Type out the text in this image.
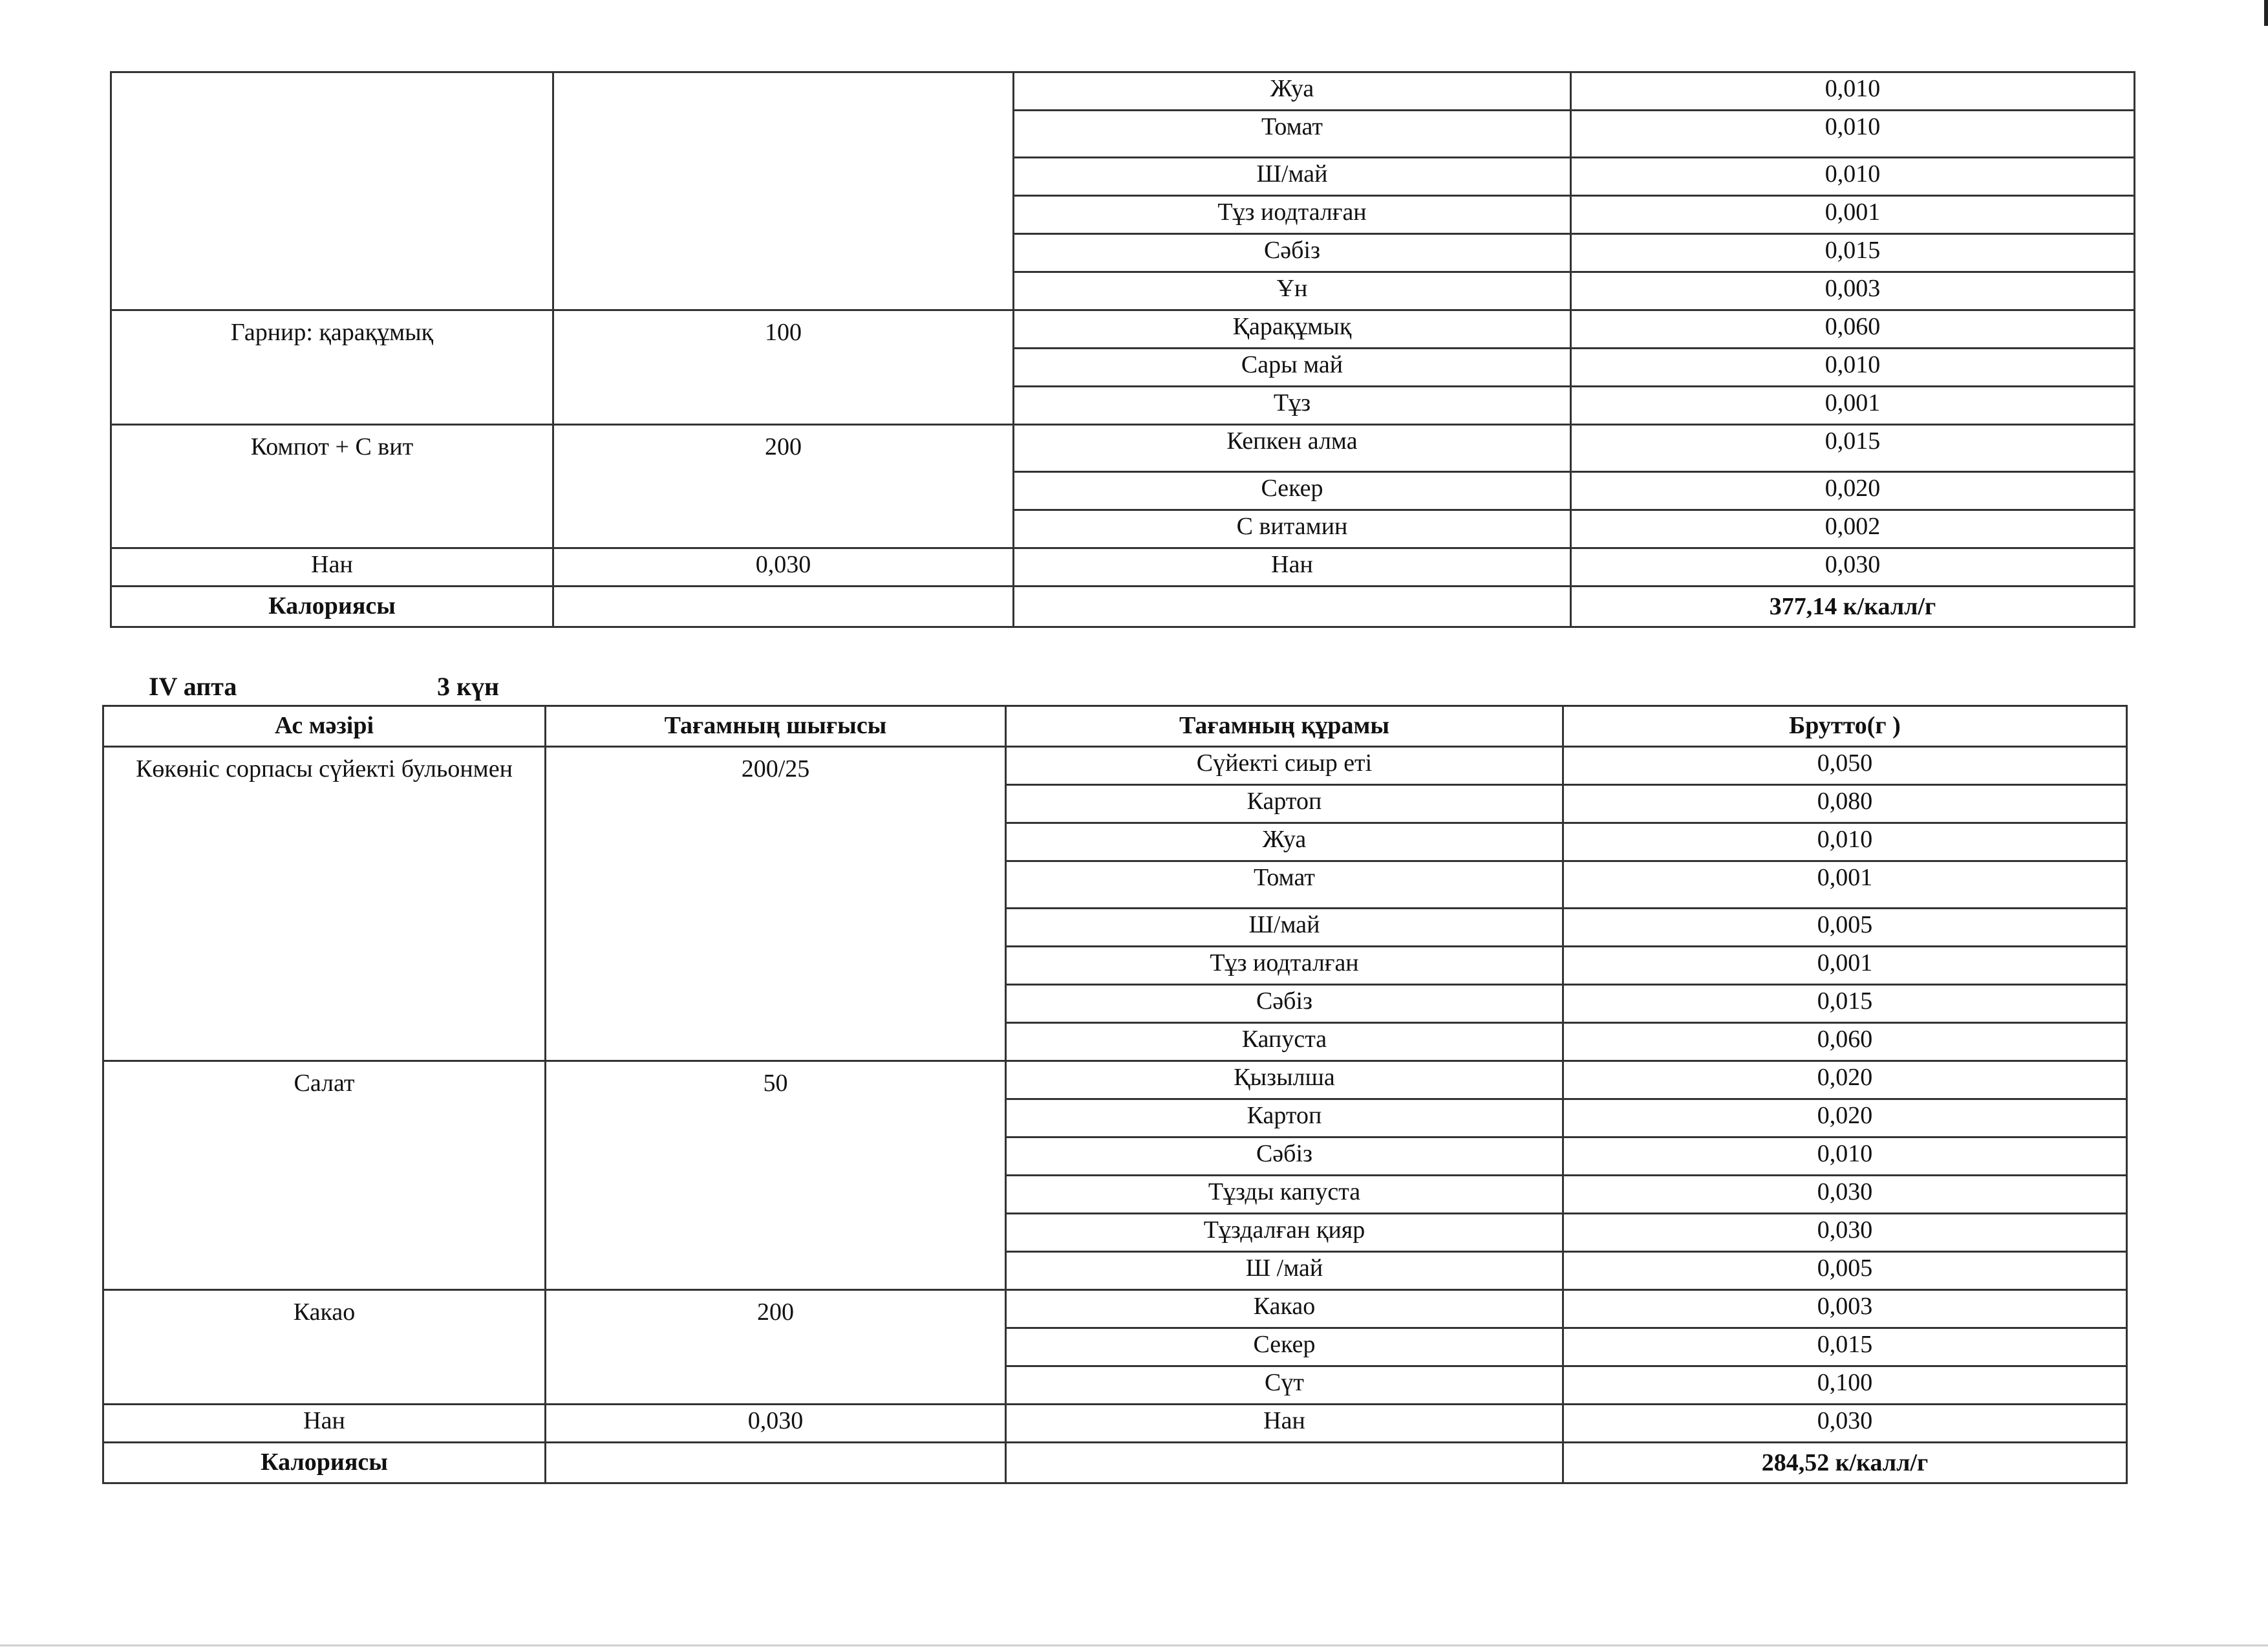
		Жуа	0,010
		Томат	0,010
		Ш/май	0,010
		Тұз иодталған	0,001
		Сәбіз	0,015
		Ұн	0,003
Гарнир: қарақұмық	100	Қарақұмық	0,060
		Сары май	0,010
		Тұз	0,001
Компот + С вит	200	Кепкен алма	0,015
		Секер	0,020
		С витамин	0,002
Нан	0,030	Нан	0,030
Калориясы			377,14 к/калл/г
IV апта	3 күн
Ас мәзірі	Тағамның шығысы	Тағамның құрамы	Брутто(г )
Көкөніс сорпасы сүйекті бульонмен	200/25	Сүйекті сиыр еті	0,050
		Картоп	0,080
		Жуа	0,010
		Томат	0,001
		Ш/май	0,005
		Тұз иодталған	0,001
		Сәбіз	0,015
		Капуста	0,060
Салат	50	Қызылша	0,020
		Картоп	0,020
		Сәбіз	0,010
		Тұзды капуста	0,030
		Тұздалған қияр	0,030
		Ш /май	0,005
Какао	200	Какао	0,003
		Секер	0,015
		Сүт	0,100
Нан	0,030	Нан	0,030
Калориясы			284,52 к/калл/г
